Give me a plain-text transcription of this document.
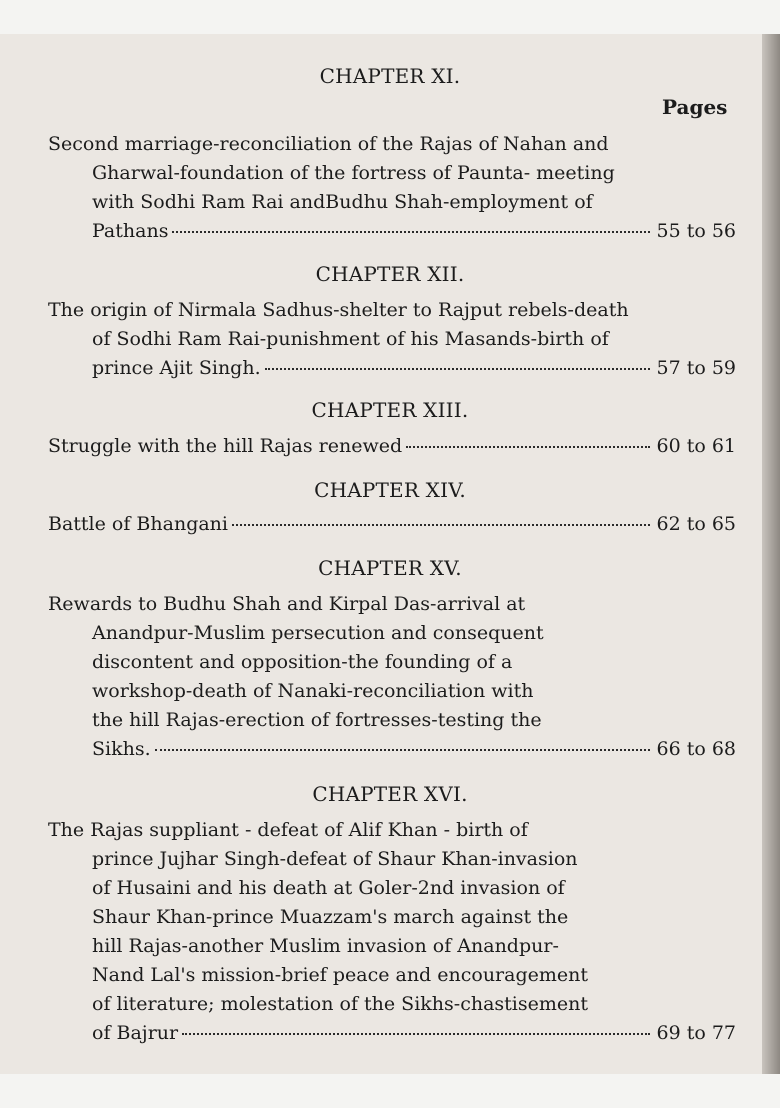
Pages
CHAPTER XI.
Second marriage-reconciliation of the Rajas of Nahan and
Gharwal-foundation of the fortress of Paunta- meeting
with Sodhi Ram Rai andBudhu Shah-employment of
Pathans	55 to 56
CHAPTER XII.
The origin of Nirmala Sadhus-shelter to Rajput rebels-death
of Sodhi Ram Rai-punishment of his Masands-birth of
prince Ajit Singh.	57 to 59
CHAPTER XIII.
Struggle with the hill Rajas renewed	60 to 61
CHAPTER XIV.
Battle of Bhangani	62 to 65
CHAPTER XV.
Rewards to Budhu Shah and Kirpal Das-arrival at
Anandpur-Muslim persecution and consequent
discontent and opposition-the founding of a
workshop-death of Nanaki-reconciliation with
the hill Rajas-erection of fortresses-testing the
Sikhs.	66 to 68
CHAPTER XVI.
The Rajas suppliant - defeat of Alif Khan - birth of
prince Jujhar Singh-defeat of Shaur Khan-invasion
of Husaini and his death at Goler-2nd invasion of
Shaur Khan-prince Muazzam's march against the
hill Rajas-another Muslim invasion of Anandpur-
Nand Lal's mission-brief peace and encouragement
of literature; molestation of the Sikhs-chastisement
of Bajrur	69 to 77
